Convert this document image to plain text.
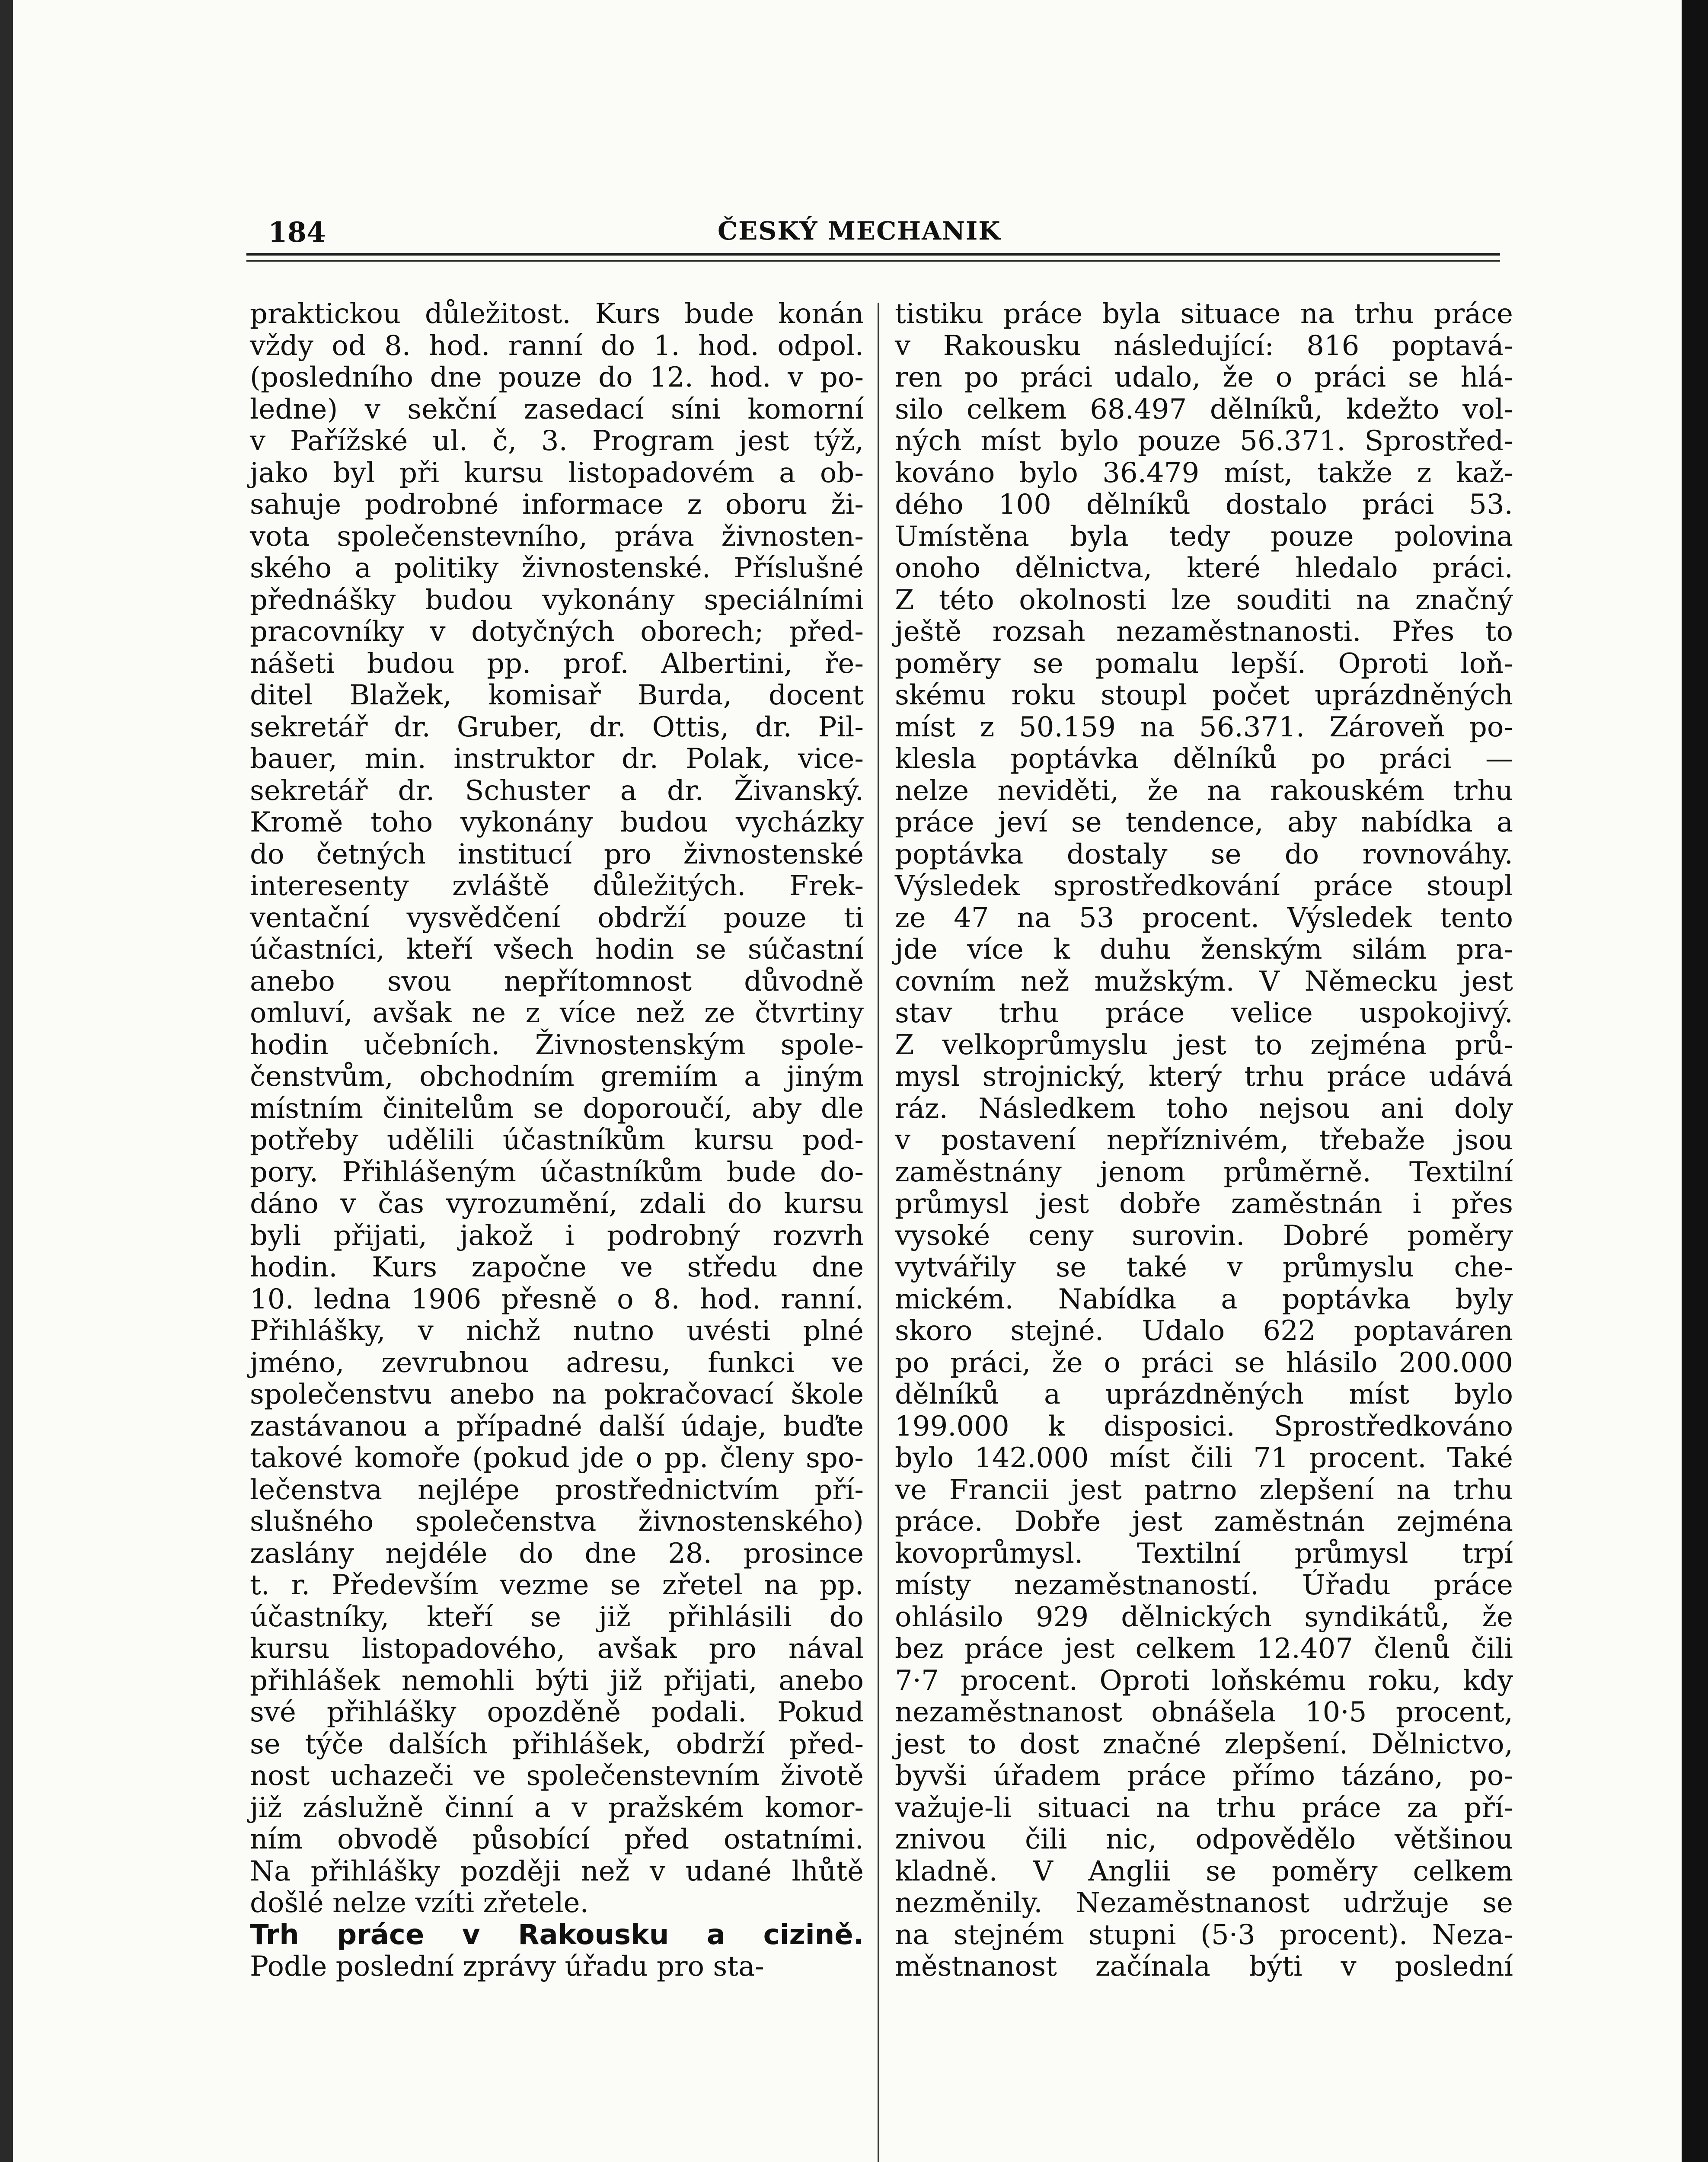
184	ČESKÝ MECHANIK
praktickou důležitost. Kurs bude konán
vždy od 8. hod. ranní do 1. hod. odpol.
(posledního dne pouze do 12. hod. v po-
ledne) v sekční zasedací síni komorní
v Pařížské ul. č, 3. Program jest týž,
jako byl při kursu listopadovém a ob-
sahuje podrobné informace z oboru ži-
vota společenstevního, práva živnosten-
ského a politiky živnostenské. Příslušné
přednášky budou vykonány speciálními
pracovníky v dotyčných oborech; před-
nášeti budou pp. prof. Albertini, ře-
ditel Blažek, komisař Burda, docent
sekretář dr. Gruber, dr. Ottis, dr. Pil-
bauer, min. instruktor dr. Polak, vice-
sekretář dr. Schuster a dr. Živanský.
Kromě toho vykonány budou vycházky
do četných institucí pro živnostenské
interesenty zvláště důležitých. Frek-
ventační vysvědčení obdrží pouze ti
účastníci, kteří všech hodin se súčastní
anebo svou nepřítomnost důvodně
omluví, avšak ne z více než ze čtvrtiny
hodin učebních. Živnostenským spole-
čenstvům, obchodním gremiím a jiným
místním činitelům se doporoučí, aby dle
potřeby udělili účastníkům kursu pod-
pory. Přihlášeným účastníkům bude do-
dáno v čas vyrozumění, zdali do kursu
byli přijati, jakož i podrobný rozvrh
hodin. Kurs započne ve středu dne
10. ledna 1906 přesně o 8. hod. ranní.
Přihlášky, v nichž nutno uvésti plné
jméno, zevrubnou adresu, funkci ve
společenstvu anebo na pokračovací škole
zastávanou a případné další údaje, buďte
takové komoře (pokud jde o pp. členy spo-
lečenstva nejlépe prostřednictvím pří-
slušného společenstva živnostenského)
zaslány nejdéle do dne 28. prosince
t. r. Především vezme se zřetel na pp.
účastníky, kteří se již přihlásili do
kursu listopadového, avšak pro nával
přihlášek nemohli býti již přijati, anebo
své přihlášky opozděně podali. Pokud
se týče dalších přihlášek, obdrží před-
nost uchazeči ve společenstevním životě
již záslužně činní a v pražském komor-
ním obvodě působící před ostatními.
Na přihlášky později než v udané lhůtě
došlé nelze vzíti zřetele.
Trh práce v Rakousku a cizině.
Podle poslední zprávy úřadu pro sta-
tistiku práce byla situace na trhu práce
v Rakousku následující: 816 poptavá-
ren po práci udalo, že o práci se hlá-
silo celkem 68.497 dělníků, kdežto vol-
ných míst bylo pouze 56.371. Sprostřed-
kováno bylo 36.479 míst, takže z kaž-
dého 100 dělníků dostalo práci 53.
Umístěna byla tedy pouze polovina
onoho dělnictva, které hledalo práci.
Z této okolnosti lze souditi na značný
ještě rozsah nezaměstnanosti. Přes to
poměry se pomalu lepší. Oproti loň-
skému roku stoupl počet uprázdněných
míst z 50.159 na 56.371. Zároveň po-
klesla poptávka dělníků po práci —
nelze neviděti, že na rakouském trhu
práce jeví se tendence, aby nabídka a
poptávka dostaly se do rovnováhy.
Výsledek sprostředkování práce stoupl
ze 47 na 53 procent. Výsledek tento
jde více k duhu ženským silám pra-
covním než mužským. V Německu jest
stav trhu práce velice uspokojivý.
Z velkoprůmyslu jest to zejména prů-
mysl strojnický, který trhu práce udává
ráz. Následkem toho nejsou ani doly
v postavení nepříznivém, třebaže jsou
zaměstnány jenom průměrně. Textilní
průmysl jest dobře zaměstnán i přes
vysoké ceny surovin. Dobré poměry
vytvářily se také v průmyslu che-
mickém. Nabídka a poptávka byly
skoro stejné. Udalo 622 poptaváren
po práci, že o práci se hlásilo 200.000
dělníků a uprázdněných míst bylo
199.000 k disposici. Sprostředkováno
bylo 142.000 míst čili 71 procent. Také
ve Francii jest patrno zlepšení na trhu
práce. Dobře jest zaměstnán zejména
kovoprůmysl. Textilní průmysl trpí
místy nezaměstnaností. Úřadu práce
ohlásilo 929 dělnických syndikátů, že
bez práce jest celkem 12.407 členů čili
7·7 procent. Oproti loňskému roku, kdy
nezaměstnanost obnášela 10·5 procent,
jest to dost značné zlepšení. Dělnictvo,
byvši úřadem práce přímo tázáno, po-
važuje-li situaci na trhu práce za pří-
znivou čili nic, odpovědělo většinou
kladně. V Anglii se poměry celkem
nezměnily. Nezaměstnanost udržuje se
na stejném stupni (5·3 procent). Neza-
městnanost začínala býti v poslední
